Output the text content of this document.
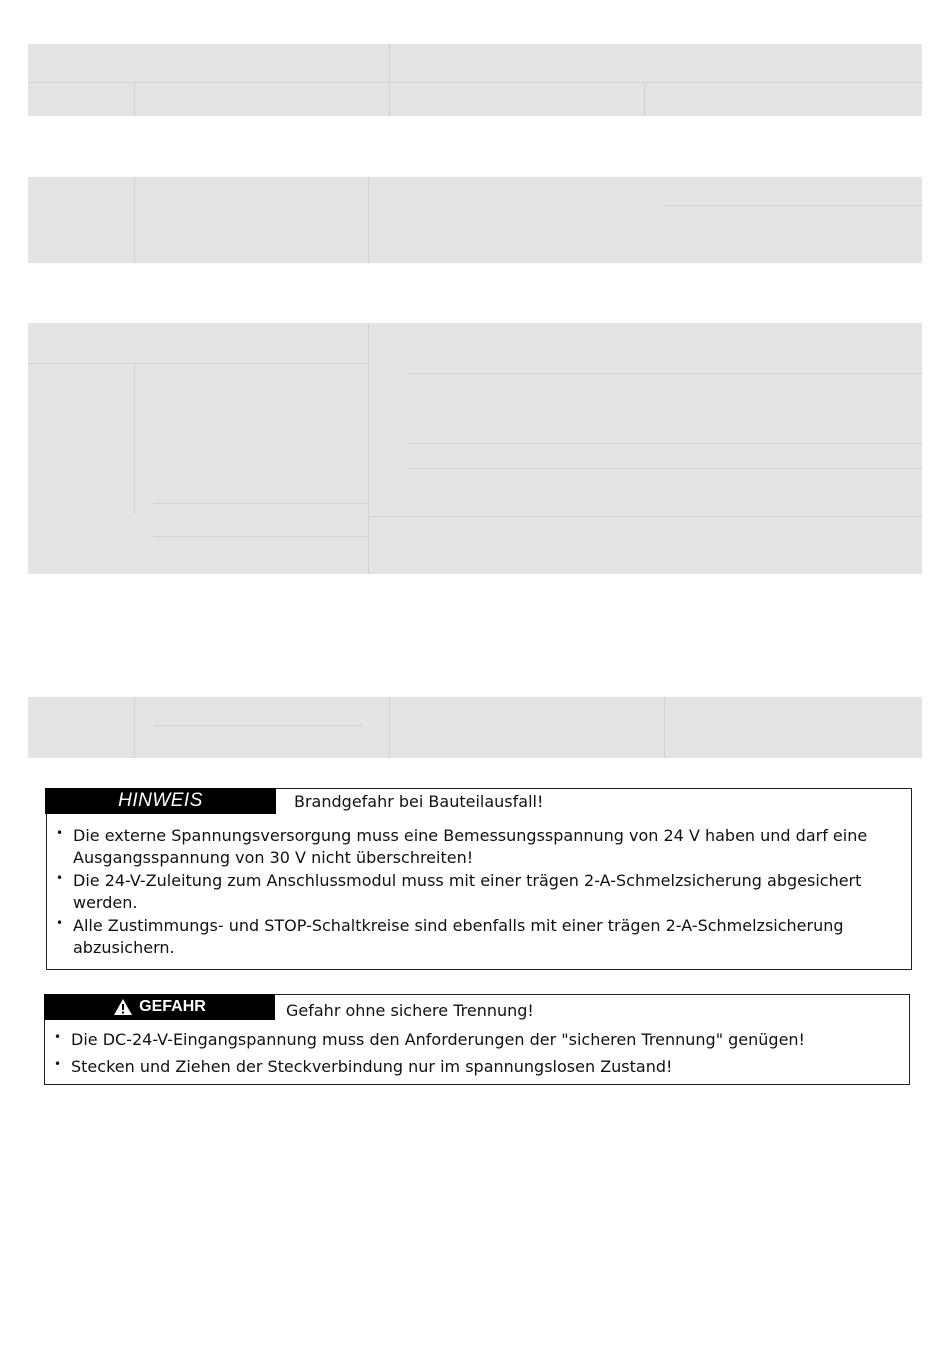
HINWEIS	Brandgefahr bei Bauteilausfall!
• Die externe Spannungsversorgung muss eine Bemessungsspannung von 24 V haben und darf eine Ausgangsspannung von 30 V nicht überschreiten!
• Die 24-V-Zuleitung zum Anschlussmodul muss mit einer trägen 2-A-Schmelzsicherung abgesichert werden.
• Alle Zustimmungs- und STOP-Schaltkreise sind ebenfalls mit einer trägen 2-A-Schmelzsicherung abzusichern.
GEFAHR	Gefahr ohne sichere Trennung!
• Die DC-24-V-Eingangspannung muss den Anforderungen der "sicheren Trennung" genügen!
• Stecken und Ziehen der Steckverbindung nur im spannungslosen Zustand!
